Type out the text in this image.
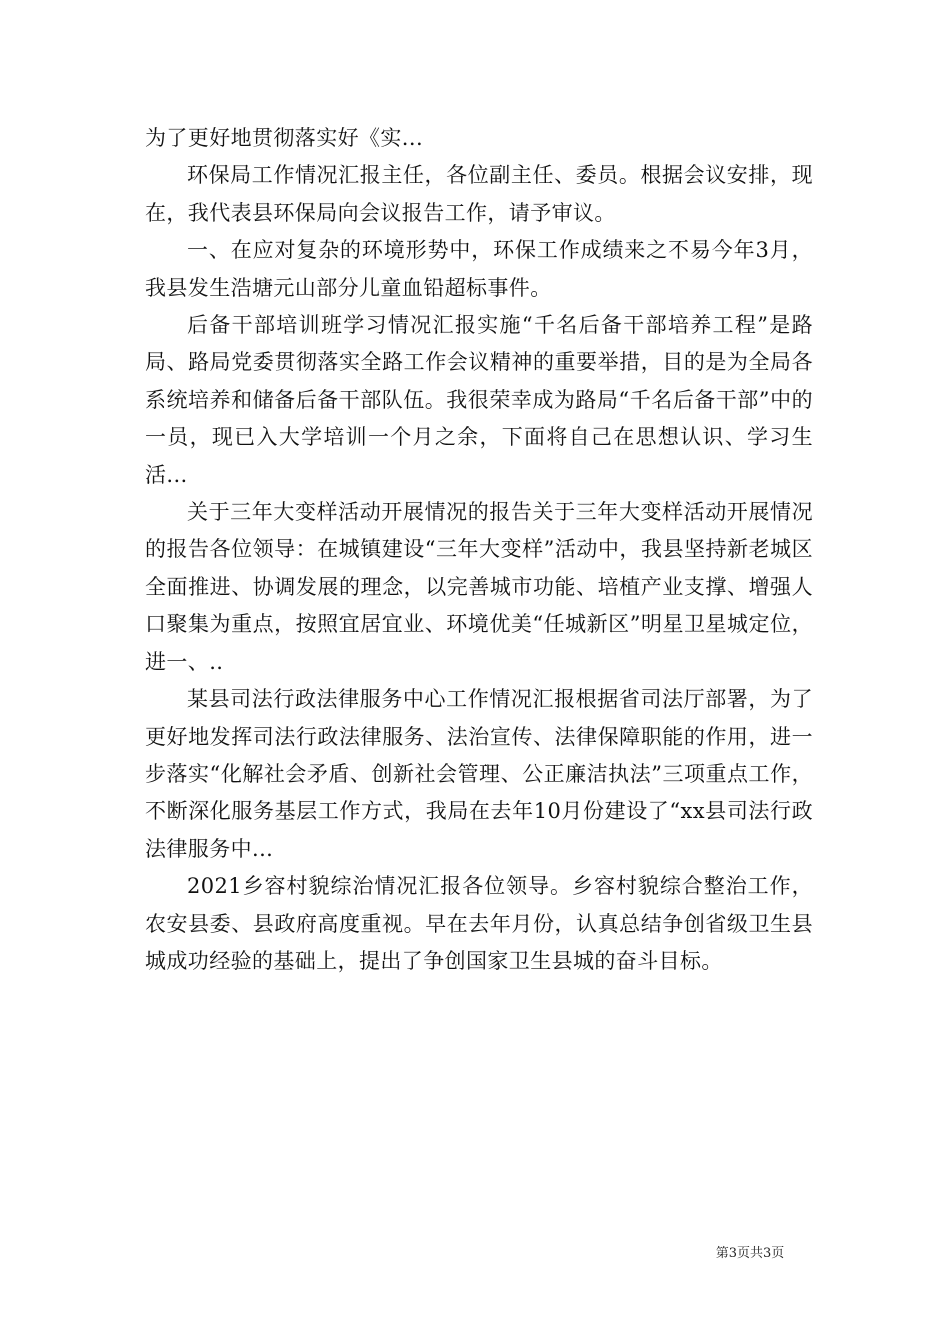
为了更好地贯彻落实好《实...

环保局工作情况汇报主任，各位副主任、委员。根据会议安排，现在，我代表县环保局向会议报告工作，请予审议。

一、在应对复杂的环境形势中，环保工作成绩来之不易今年3月，我县发生浩塘元山部分儿童血铅超标事件。

后备干部培训班学习情况汇报实施“千名后备干部培养工程”是路局、路局党委贯彻落实全路工作会议精神的重要举措，目的是为全局各系统培养和储备后备干部队伍。我很荣幸成为路局“千名后备干部”中的一员，现已入大学培训一个月之余，下面将自己在思想认识、学习生活...

关于三年大变样活动开展情况的报告关于三年大变样活动开展情况的报告各位领导：在城镇建设“三年大变样”活动中，我县坚持新老城区全面推进、协调发展的理念，以完善城市功能、培植产业支撑、增强人口聚集为重点，按照宜居宜业、环境优美“任城新区”明星卫星城定位，进一、..

某县司法行政法律服务中心工作情况汇报根据省司法厅部署，为了更好地发挥司法行政法律服务、法治宣传、法律保障职能的作用，进一步落实“化解社会矛盾、创新社会管理、公正廉洁执法”三项重点工作，不断深化服务基层工作方式，我局在去年10月份建设了“xx县司法行政法律服务中...

2021乡容村貌综治情况汇报各位领导。乡容村貌综合整治工作，农安县委、县政府高度重视。早在去年月份，认真总结争创省级卫生县城成功经验的基础上，提出了争创国家卫生县城的奋斗目标。

第3页共3页
